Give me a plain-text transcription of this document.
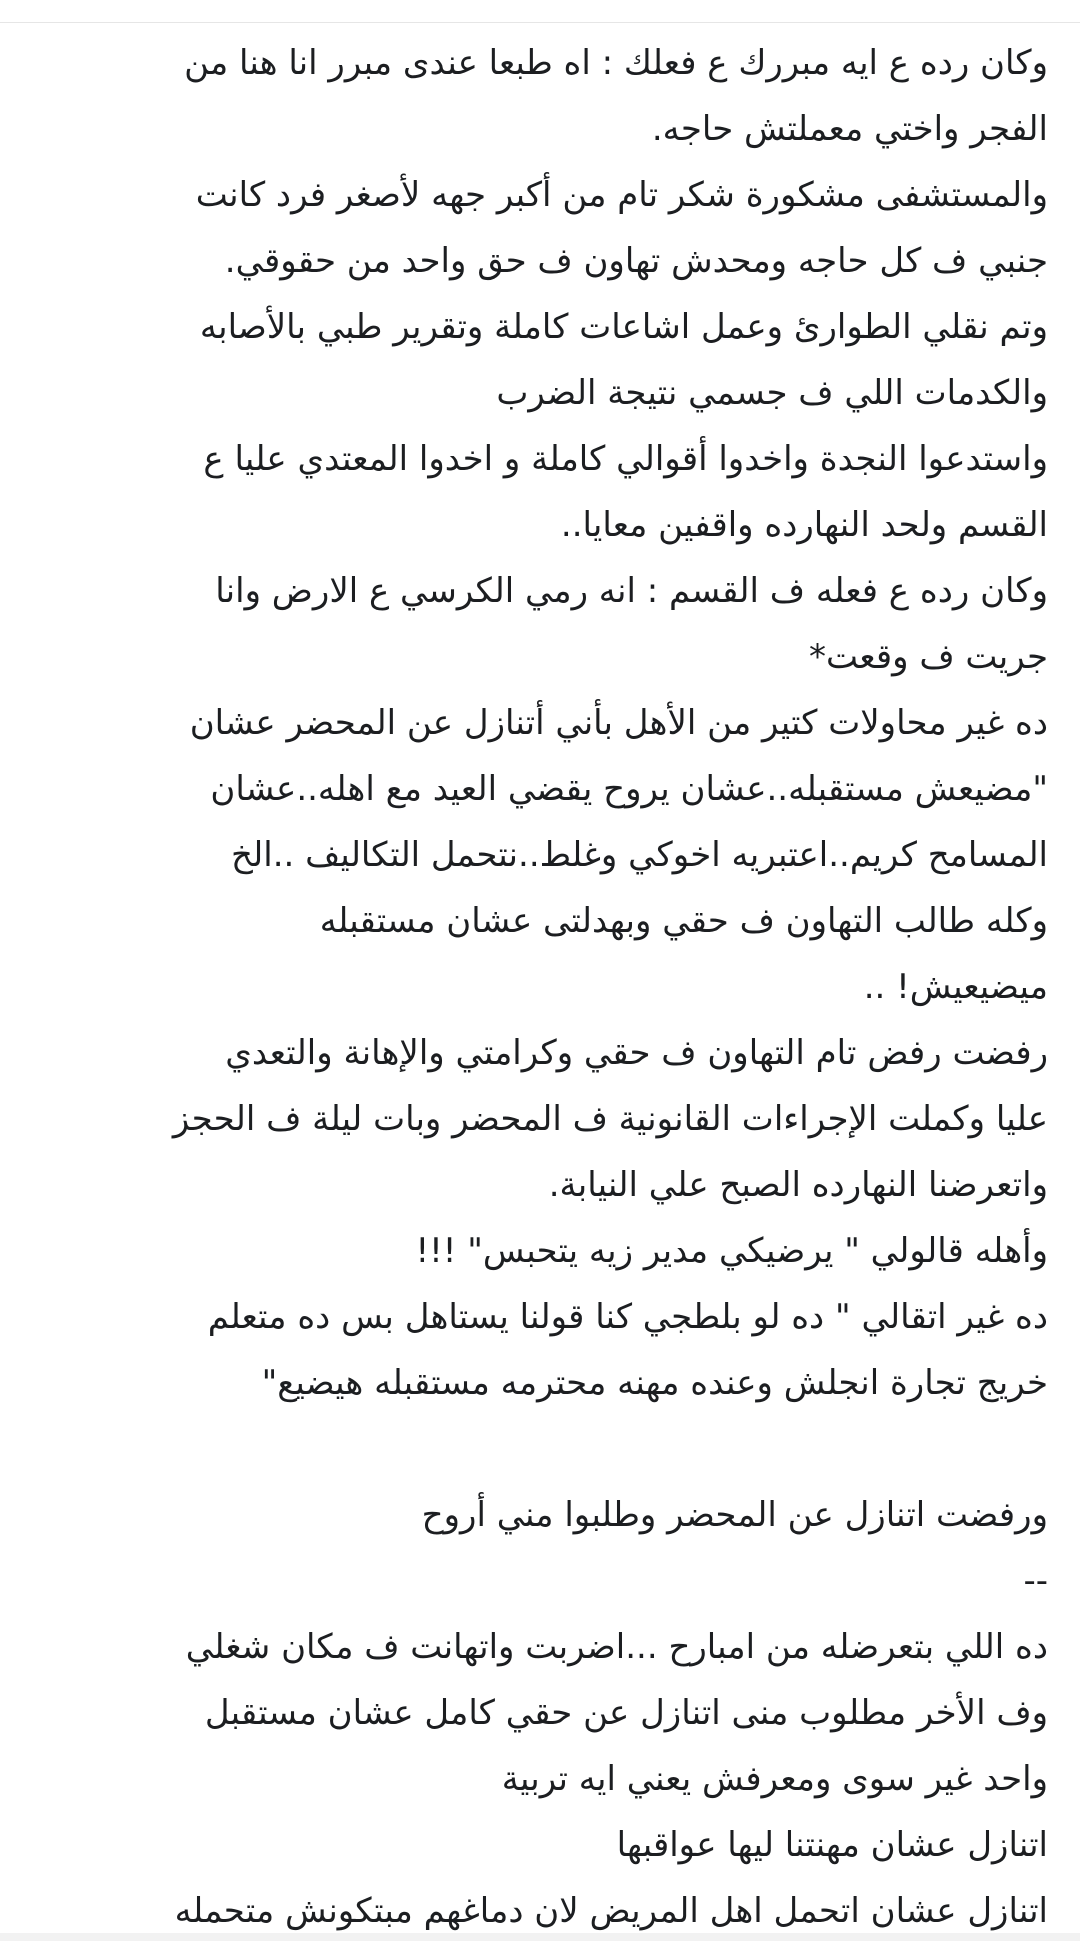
وكان رده ع ايه مبررك ع فعلك : اه طبعا عندى مبرر انا هنا من
الفجر واختي معملتش حاجه.
والمستشفى مشكورة شكر تام من أكبر جهه لأصغر فرد كانت
جنبي ف كل حاجه ومحدش تهاون ف حق واحد من حقوقي.
وتم نقلي الطوارئ وعمل اشاعات كاملة وتقرير طبي بالأصابه
والكدمات اللي ف جسمي نتيجة الضرب
واستدعوا النجدة واخدوا أقوالي كاملة و اخدوا المعتدي عليا ع
القسم ولحد النهارده واقفين معايا..
وكان رده ع فعله ف القسم : انه رمي الكرسي ع الارض وانا
جريت ف وقعت*
ده غير محاولات كتير من الأهل بأني أتنازل عن المحضر عشان
"مضيعش مستقبله..عشان يروح يقضي العيد مع اهله..عشان
المسامح كريم..اعتبريه اخوكي وغلط..نتحمل التكاليف ..الخ
وكله طالب التهاون ف حقي وبهدلتى عشان مستقبله
ميضيعيش! ..
رفضت رفض تام التهاون ف حقي وكرامتي والإهانة والتعدي
عليا وكملت الإجراءات القانونية ف المحضر وبات ليلة ف الحجز
واتعرضنا النهارده الصبح علي النيابة.
وأهله قالولي " يرضيكي مدير زيه يتحبس" !!!
ده غير اتقالي " ده لو بلطجي كنا قولنا يستاهل بس ده متعلم
خريج تجارة انجلش وعنده مهنه محترمه مستقبله هيضيع"
ورفضت اتنازل عن المحضر وطلبوا مني أروح
--
ده اللي بتعرضله من امبارح ...اضربت واتهانت ف مكان شغلي
وف الأخر مطلوب منى اتنازل عن حقي كامل عشان مستقبل
واحد غير سوى ومعرفش يعني ايه تربية
اتنازل عشان مهنتنا ليها عواقبها
اتنازل عشان اتحمل اهل المريض لان دماغهم مبتكونش متحمله
